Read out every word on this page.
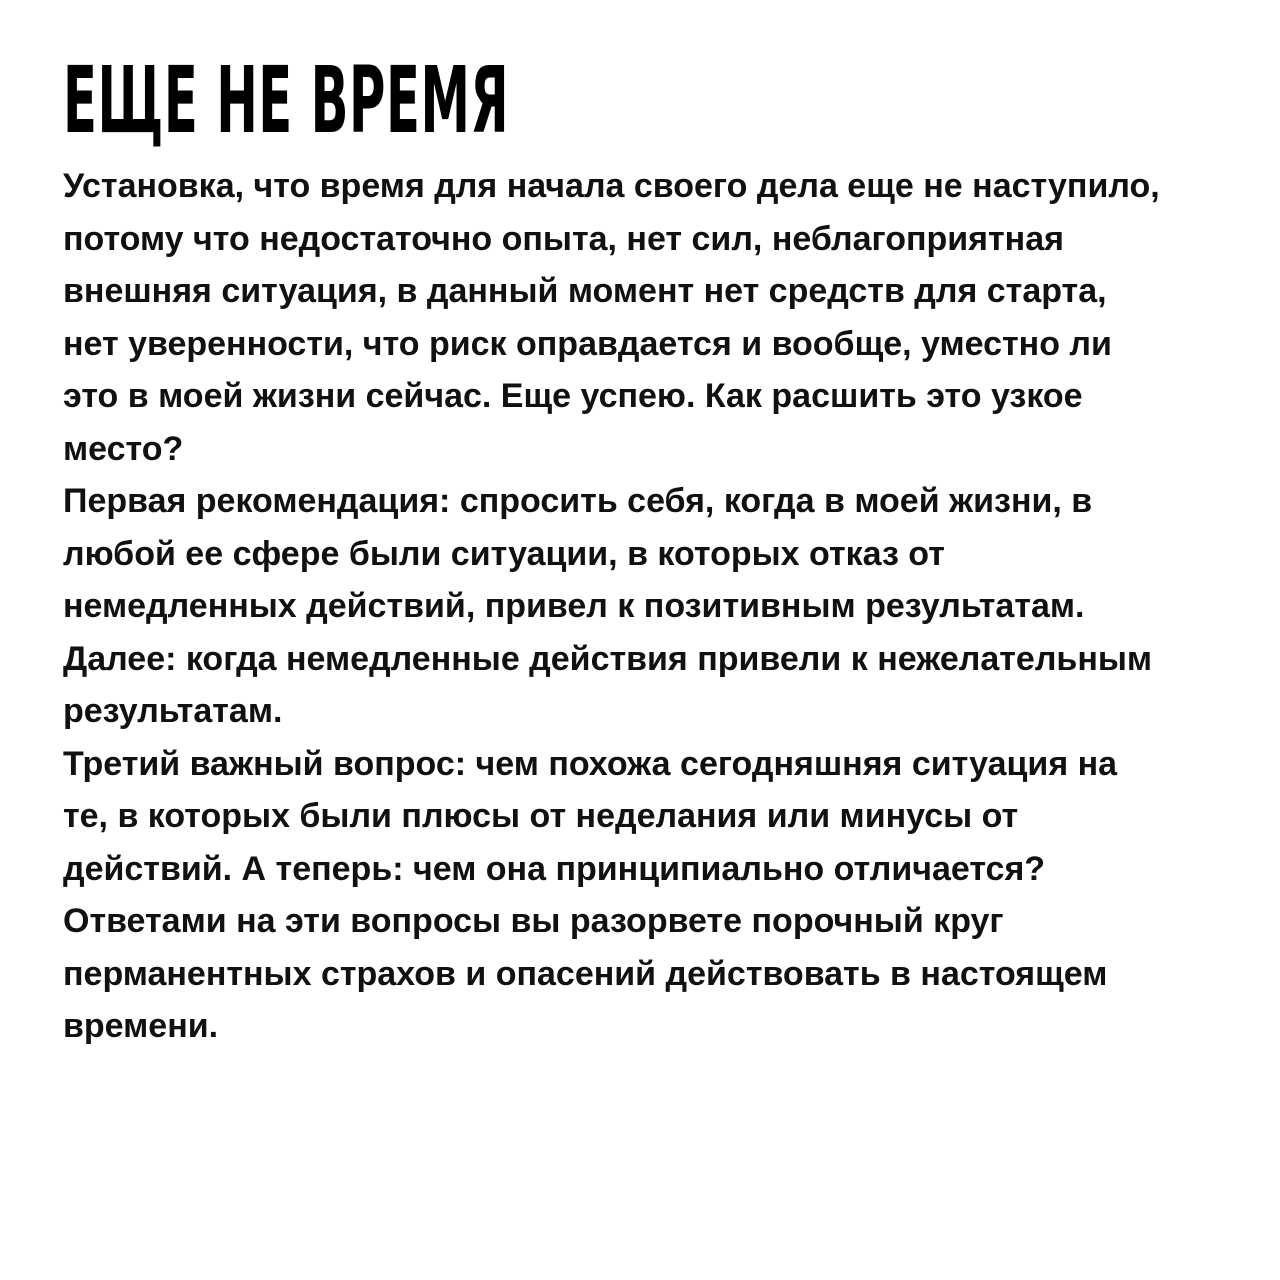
ЕЩЕ НЕ ВРЕМЯ
Установка, что время для начала своего дела еще не наступило,
потому что недостаточно опыта, нет сил, неблагоприятная
внешняя ситуация, в данный момент нет средств для старта,
нет уверенности, что риск оправдается и вообще, уместно ли
это в моей жизни сейчас. Еще успею. Как расшить это узкое
место?
Первая рекомендация: спросить себя, когда в моей жизни, в
любой ее сфере были ситуации, в которых отказ от
немедленных действий, привел к позитивным результатам.
Далее: когда немедленные действия привели к нежелательным
результатам.
Третий важный вопрос: чем похожа сегодняшняя ситуация на
те, в которых были плюсы от неделания или минусы от
действий. А теперь: чем она принципиально отличается?
Ответами на эти вопросы вы разорвете порочный круг
перманентных страхов и опасений действовать в настоящем
времени.
